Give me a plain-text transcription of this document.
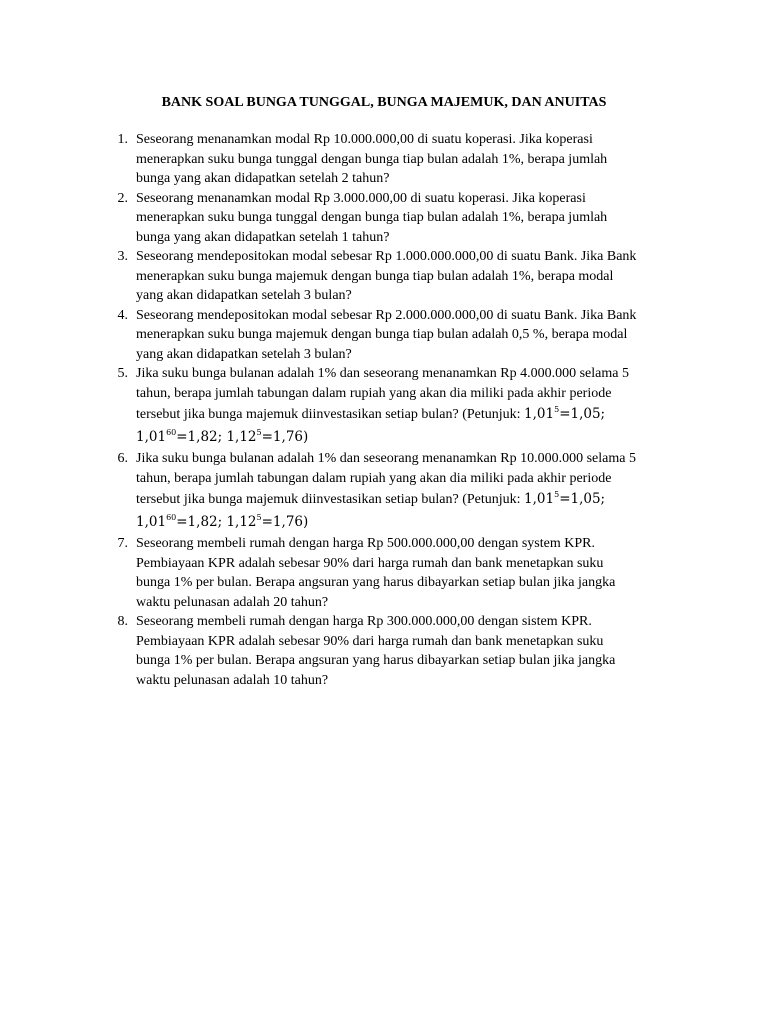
BANK SOAL BUNGA TUNGGAL, BUNGA MAJEMUK, DAN ANUITAS
1. Seseorang menanamkan modal Rp 10.000.000,00 di suatu koperasi. Jika koperasi
menerapkan suku bunga tunggal dengan bunga tiap bulan adalah 1%, berapa jumlah
bunga yang akan didapatkan setelah 2 tahun?
2. Seseorang menanamkan modal Rp 3.000.000,00 di suatu koperasi. Jika koperasi
menerapkan suku bunga tunggal dengan bunga tiap bulan adalah 1%, berapa jumlah
bunga yang akan didapatkan setelah 1 tahun?
3. Seseorang mendepositokan modal sebesar Rp 1.000.000.000,00 di suatu Bank. Jika Bank
menerapkan suku bunga majemuk dengan bunga tiap bulan adalah 1%, berapa modal
yang akan didapatkan setelah 3 bulan?
4. Seseorang mendepositokan modal sebesar Rp 2.000.000.000,00 di suatu Bank. Jika Bank
menerapkan suku bunga majemuk dengan bunga tiap bulan adalah 0,5 %, berapa modal
yang akan didapatkan setelah 3 bulan?
5. Jika suku bunga bulanan adalah 1% dan seseorang menanamkan Rp 4.000.000 selama 5
tahun, berapa jumlah tabungan dalam rupiah yang akan dia miliki pada akhir periode
tersebut jika bunga majemuk diinvestasikan setiap bulan? (Petunjuk: $1,01^5=1,05$;
$1,01^{60}=1,82$; $1,12^5=1,76$)
6. Jika suku bunga bulanan adalah 1% dan seseorang menanamkan Rp 10.000.000 selama 5
tahun, berapa jumlah tabungan dalam rupiah yang akan dia miliki pada akhir periode
tersebut jika bunga majemuk diinvestasikan setiap bulan? (Petunjuk: $1,01^5=1,05$;
$1,01^{60}=1,82$; $1,12^5=1,76$)
7. Seseorang membeli rumah dengan harga Rp 500.000.000,00 dengan system KPR.
Pembiayaan KPR adalah sebesar 90% dari harga rumah dan bank menetapkan suku
bunga 1% per bulan. Berapa angsuran yang harus dibayarkan setiap bulan jika jangka
waktu pelunasan adalah 20 tahun?
8. Seseorang membeli rumah dengan harga Rp 300.000.000,00 dengan sistem KPR.
Pembiayaan KPR adalah sebesar 90% dari harga rumah dan bank menetapkan suku
bunga 1% per bulan. Berapa angsuran yang harus dibayarkan setiap bulan jika jangka
waktu pelunasan adalah 10 tahun?
